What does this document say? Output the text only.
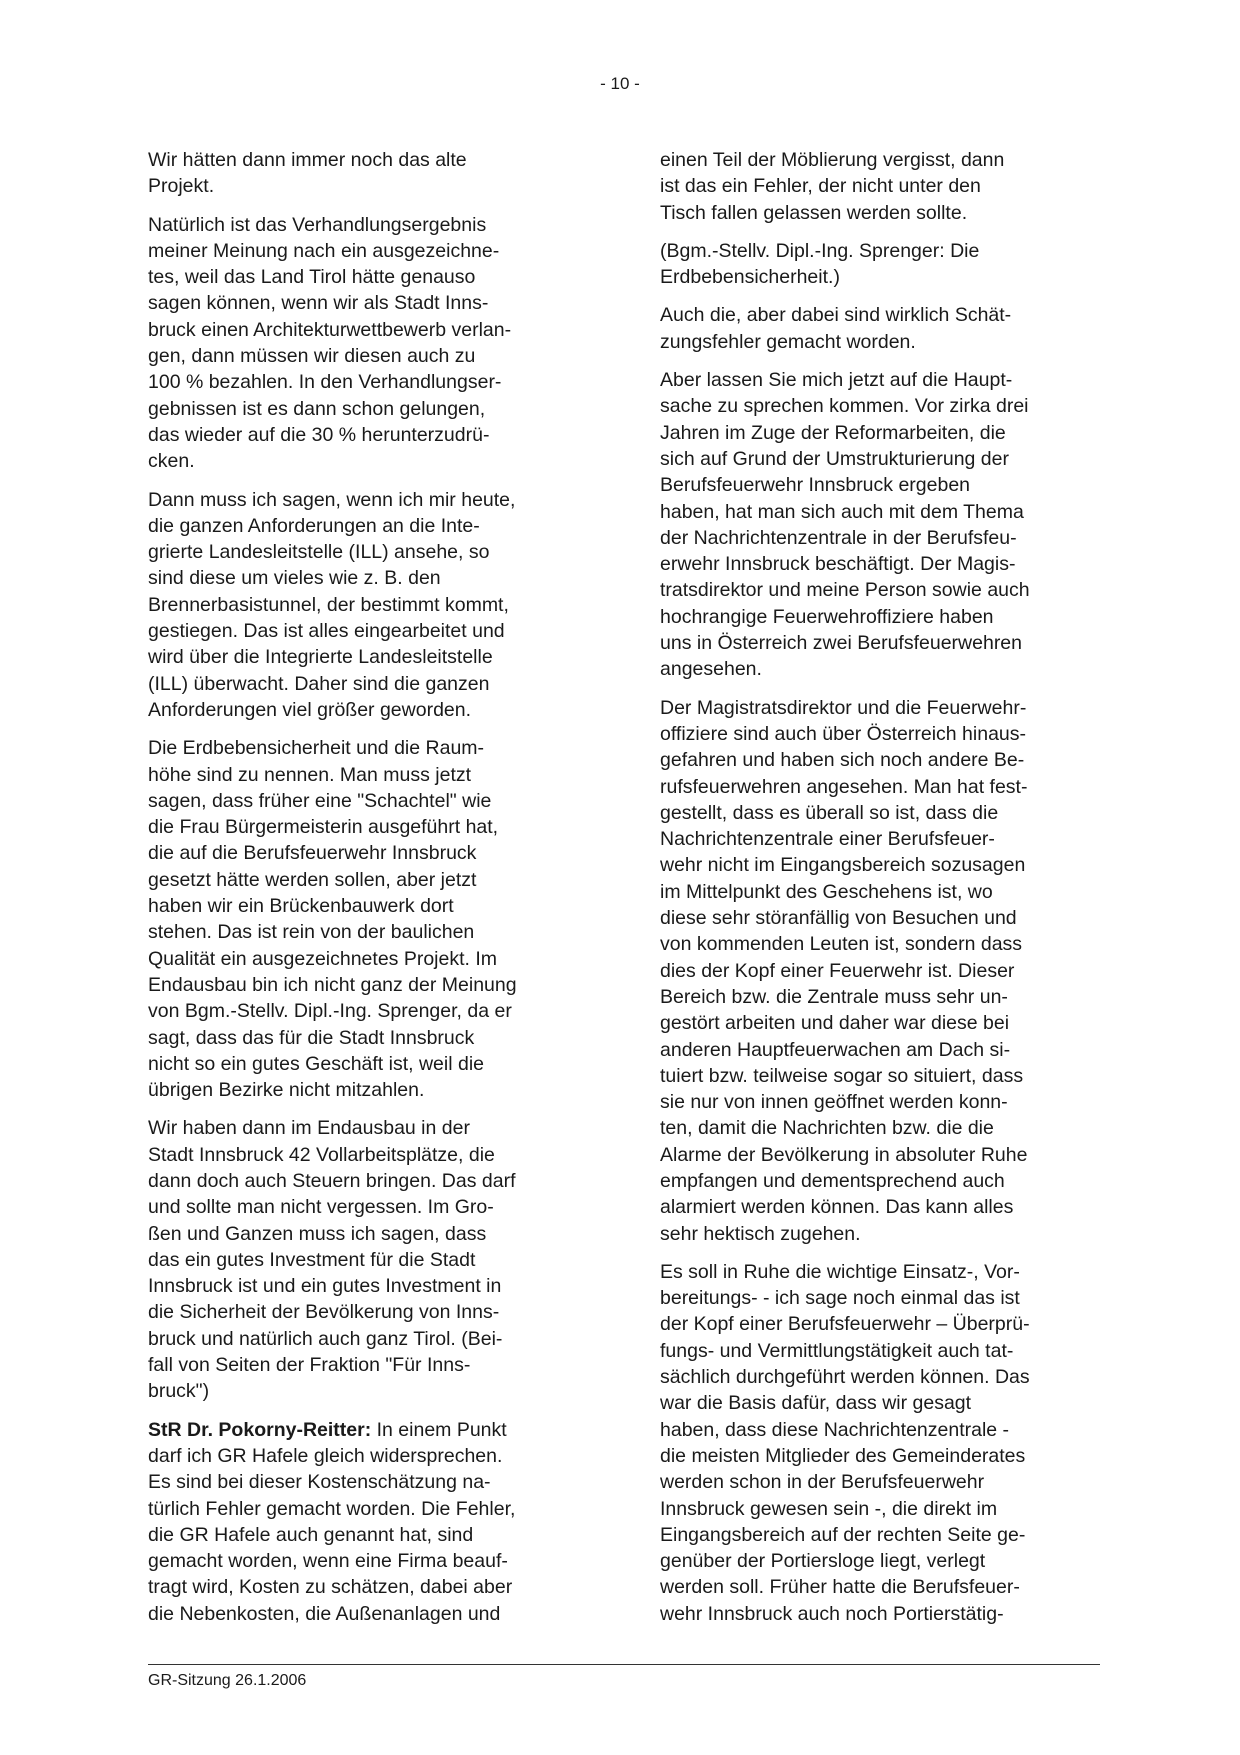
- 10 -

Wir hätten dann immer noch das alte
Projekt.

Natürlich ist das Verhandlungsergebnis
meiner Meinung nach ein ausgezeichne-
tes, weil das Land Tirol hätte genauso
sagen können, wenn wir als Stadt Inns-
bruck einen Architekturwettbewerb verlan-
gen, dann müssen wir diesen auch zu
100 % bezahlen. In den Verhandlungser-
gebnissen ist es dann schon gelungen,
das wieder auf die 30 % herunterzudrü-
cken.

Dann muss ich sagen, wenn ich mir heute,
die ganzen Anforderungen an die Inte-
grierte Landesleitstelle (ILL) ansehe, so
sind diese um vieles wie z. B. den
Brennerbasistunnel, der bestimmt kommt,
gestiegen. Das ist alles eingearbeitet und
wird über die Integrierte Landesleitstelle
(ILL) überwacht. Daher sind die ganzen
Anforderungen viel größer geworden.

Die Erdbebensicherheit und die Raum-
höhe sind zu nennen. Man muss jetzt
sagen, dass früher eine "Schachtel" wie
die Frau Bürgermeisterin ausgeführt hat,
die auf die Berufsfeuerwehr Innsbruck
gesetzt hätte werden sollen, aber jetzt
haben wir ein Brückenbauwerk dort
stehen. Das ist rein von der baulichen
Qualität ein ausgezeichnetes Projekt. Im
Endausbau bin ich nicht ganz der Meinung
von Bgm.-Stellv. Dipl.-Ing. Sprenger, da er
sagt, dass das für die Stadt Innsbruck
nicht so ein gutes Geschäft ist, weil die
übrigen Bezirke nicht mitzahlen.

Wir haben dann im Endausbau in der
Stadt Innsbruck 42 Vollarbeitsplätze, die
dann doch auch Steuern bringen. Das darf
und sollte man nicht vergessen. Im Gro-
ßen und Ganzen muss ich sagen, dass
das ein gutes Investment für die Stadt
Innsbruck ist und ein gutes Investment in
die Sicherheit der Bevölkerung von Inns-
bruck und natürlich auch ganz Tirol. (Bei-
fall von Seiten der Fraktion "Für Inns-
bruck")

StR Dr. Pokorny-Reitter: In einem Punkt
darf ich GR Hafele gleich widersprechen.
Es sind bei dieser Kostenschätzung na-
türlich Fehler gemacht worden. Die Fehler,
die GR Hafele auch genannt hat, sind
gemacht worden, wenn eine Firma beauf-
tragt wird, Kosten zu schätzen, dabei aber
die Nebenkosten, die Außenanlagen und

einen Teil der Möblierung vergisst, dann
ist das ein Fehler, der nicht unter den
Tisch fallen gelassen werden sollte.

(Bgm.-Stellv. Dipl.-Ing. Sprenger: Die
Erdbebensicherheit.)

Auch die, aber dabei sind wirklich Schät-
zungsfehler gemacht worden.

Aber lassen Sie mich jetzt auf die Haupt-
sache zu sprechen kommen. Vor zirka drei
Jahren im Zuge der Reformarbeiten, die
sich auf Grund der Umstrukturierung der
Berufsfeuerwehr Innsbruck ergeben
haben, hat man sich auch mit dem Thema
der Nachrichtenzentrale in der Berufsfeu-
erwehr Innsbruck beschäftigt. Der Magis-
tratsdirektor und meine Person sowie auch
hochrangige Feuerwehroffiziere haben
uns in Österreich zwei Berufsfeuerwehren
angesehen.

Der Magistratsdirektor und die Feuerwehr-
offiziere sind auch über Österreich hinaus-
gefahren und haben sich noch andere Be-
rufsfeuerwehren angesehen. Man hat fest-
gestellt, dass es überall so ist, dass die
Nachrichtenzentrale einer Berufsfeuer-
wehr nicht im Eingangsbereich sozusagen
im Mittelpunkt des Geschehens ist, wo
diese sehr störanfällig von Besuchen und
von kommenden Leuten ist, sondern dass
dies der Kopf einer Feuerwehr ist. Dieser
Bereich bzw. die Zentrale muss sehr un-
gestört arbeiten und daher war diese bei
anderen Hauptfeuerwachen am Dach si-
tuiert bzw. teilweise sogar so situiert, dass
sie nur von innen geöffnet werden konn-
ten, damit die Nachrichten bzw. die die
Alarme der Bevölkerung in absoluter Ruhe
empfangen und dementsprechend auch
alarmiert werden können. Das kann alles
sehr hektisch zugehen.

Es soll in Ruhe die wichtige Einsatz-, Vor-
bereitungs- - ich sage noch einmal das ist
der Kopf einer Berufsfeuerwehr – Überprü-
fungs- und Vermittlungstätigkeit auch tat-
sächlich durchgeführt werden können. Das
war die Basis dafür, dass wir gesagt
haben, dass diese Nachrichtenzentrale -
die meisten Mitglieder des Gemeinderates
werden schon in der Berufsfeuerwehr
Innsbruck gewesen sein -, die direkt im
Eingangsbereich auf der rechten Seite ge-
genüber der Portiersloge liegt, verlegt
werden soll. Früher hatte die Berufsfeuer-
wehr Innsbruck auch noch Portierstätig-

GR-Sitzung 26.1.2006
